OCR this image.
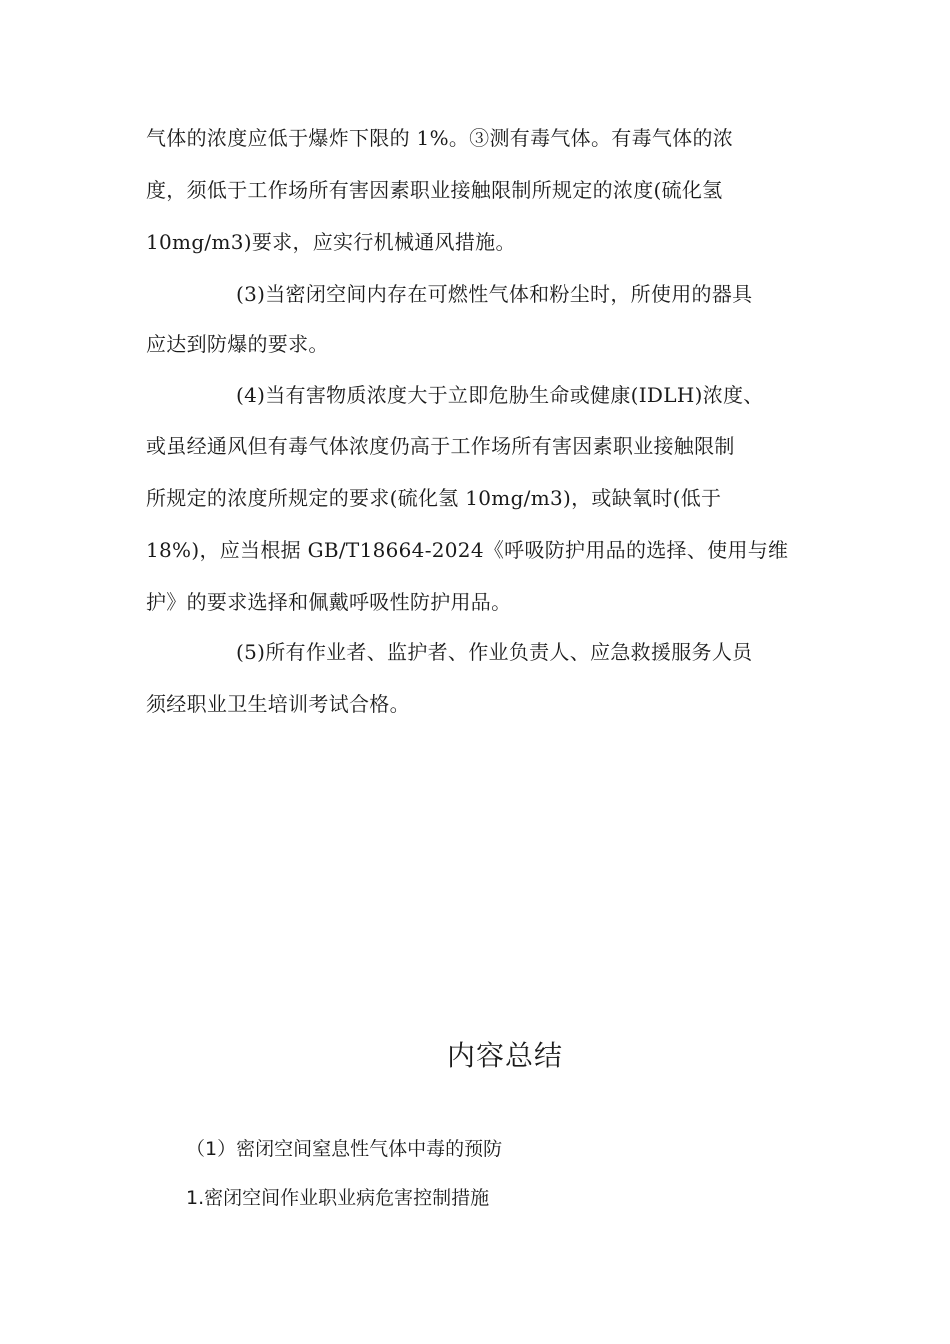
气体的浓度应低于爆炸下限的 1%。③测有毒气体。有毒气体的浓
度，须低于工作场所有害因素职业接触限制所规定的浓度(硫化氢
10mg/m3)要求，应实行机械通风措施。
(3)当密闭空间内存在可燃性气体和粉尘时，所使用的器具
应达到防爆的要求。
(4)当有害物质浓度大于立即危胁生命或健康(IDLH)浓度、
或虽经通风但有毒气体浓度仍高于工作场所有害因素职业接触限制
所规定的浓度所规定的要求(硫化氢 10mg/m3)，或缺氧时(低于
18%)，应当根据 GB/T18664-2024《呼吸防护用品的选择、使用与维
护》的要求选择和佩戴呼吸性防护用品。
(5)所有作业者、监护者、作业负责人、应急救援服务人员
须经职业卫生培训考试合格。
内容总结
（1）密闭空间窒息性气体中毒的预防
1.密闭空间作业职业病危害控制措施
